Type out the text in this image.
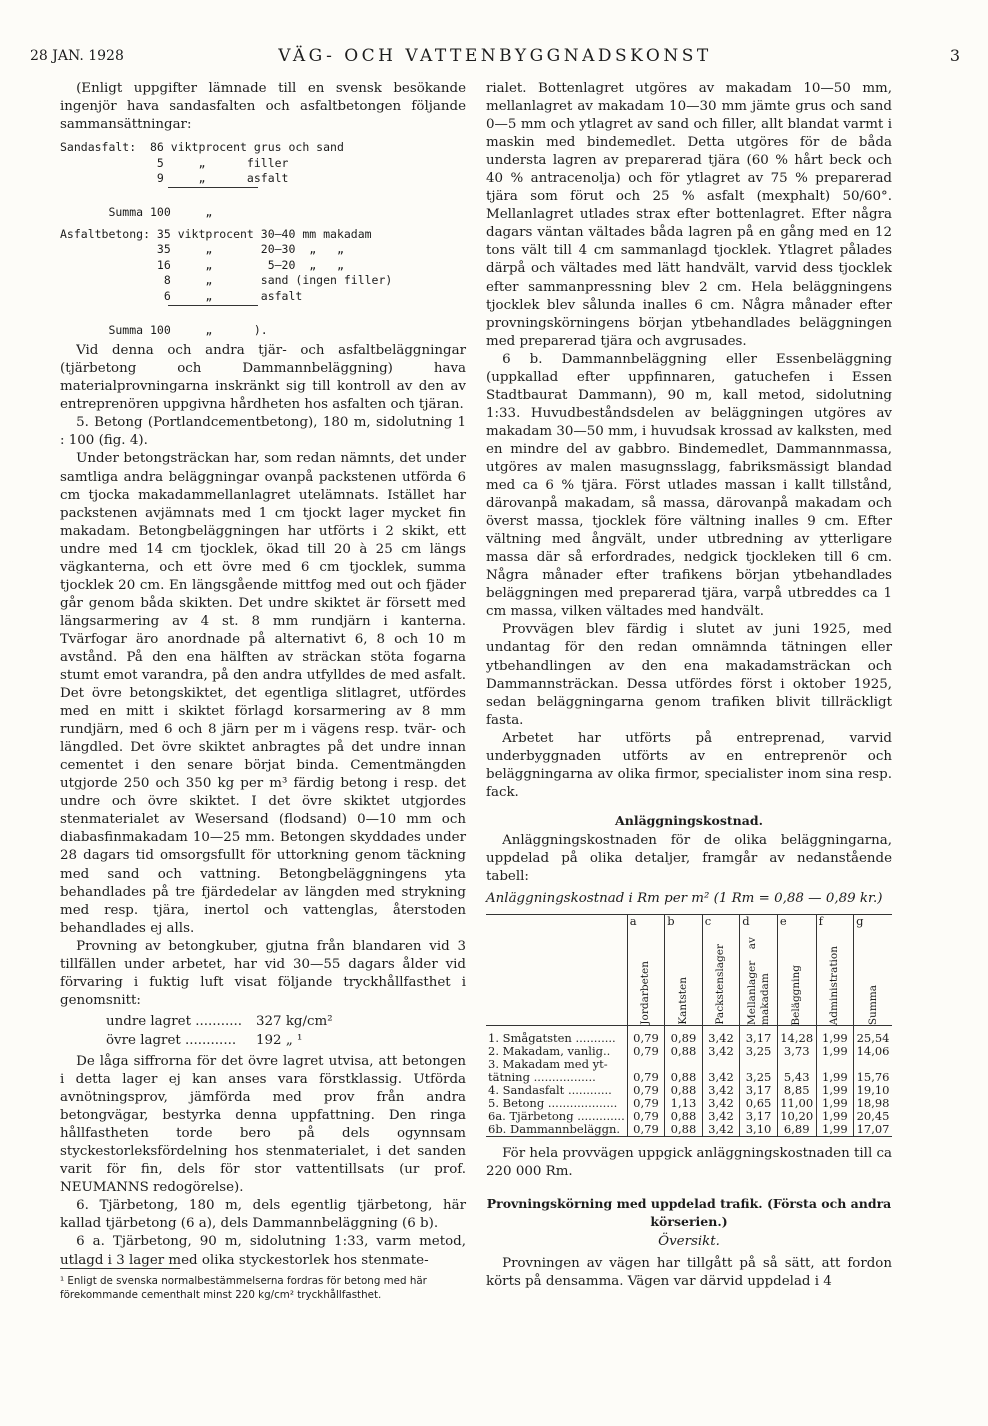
28 JAN. 1928	VÄG- OCH VATTENBYGGNADSKONST	3

(Enligt uppgifter lämnade till en svensk besökande ingenjör hava sandasfalten och asfaltbetongen följande sammansättningar:

Sandasfalt:  86 viktprocent grus och sand
5     „      filler
9     „      asfalt
Summa 100     „
Asfaltbetong: 35 viktprocent 30—40 mm makadam
35     „       20—30  „   „
16     „        5—20  „   „
8     „       sand (ingen filler)
6     „       asfalt
Summa 100     „      ).

Vid denna och andra tjär- och asfaltbeläggningar (tjärbetong och Dammannbeläggning) hava materialprovningarna inskränkt sig till kontroll av den av entreprenören uppgivna hårdheten hos asfalten och tjäran.

5. Betong (Portlandcementbetong), 180 m, sidolutning 1 : 100 (fig. 4).

Under betongsträckan har, som redan nämnts, det under samtliga andra beläggningar ovanpå packstenen utförda 6 cm tjocka makadammellanlagret utelämnats. Istället har packstenen avjämnats med 1 cm tjockt lager mycket fin makadam. Betongbeläggningen har utförts i 2 skikt, ett undre med 14 cm tjocklek, ökad till 20 à 25 cm längs vägkanterna, och ett övre med 6 cm tjocklek, summa tjocklek 20 cm. En längsgående mittfog med out och fjäder går genom båda skikten. Det undre skiktet är försett med längsarmering av 4 st. 8 mm rundjärn i kanterna. Tvärfogar äro anordnade på alternativt 6, 8 och 10 m avstånd. På den ena hälften av sträckan stöta fogarna stumt emot varandra, på den andra utfylldes de med asfalt. Det övre betongskiktet, det egentliga slitlagret, utfördes med en mitt i skiktet förlagd korsarmering av 8 mm rundjärn, med 6 och 8 järn per m i vägens resp. tvär- och längdled. Det övre skiktet anbragtes på det undre innan cementet i den senare börjat binda. Cementmängden utgjorde 250 och 350 kg per m³ färdig betong i resp. det undre och övre skiktet. I det övre skiktet utgjordes stenmaterialet av Wesersand (flodsand) 0—10 mm och diabasfinmakadam 10—25 mm. Betongen skyddades under 28 dagars tid omsorgsfullt för uttorkning genom täckning med sand och vattning. Betongbeläggningens yta behandlades på tre fjärdedelar av längden med strykning med resp. tjära, inertol och vattenglas, återstoden behandlades ej alls.

Provning av betongkuber, gjutna från blandaren vid 3 tillfällen under arbetet, har vid 30—55 dagars ålder vid förvaring i fuktig luft visat följande tryckhållfasthet i genomsnitt:

undre lagret ...........	327 kg/cm²
övre lagret ............	192 „ ¹

De låga siffrorna för det övre lagret utvisa, att betongen i detta lager ej kan anses vara förstklassig. Utförda avnötningsprov, jämförda med prov från andra betongvägar, bestyrka denna uppfattning. Den ringa hållfastheten torde bero på dels ogynnsam styckestorleksfördelning hos stenmaterialet, i det sanden varit för fin, dels för stor vattentillsats (ur prof. NEUMANNS redogörelse).

6. Tjärbetong, 180 m, dels egentlig tjärbetong, här kallad tjärbetong (6 a), dels Dammannbeläggning (6 b).

6 a. Tjärbetong, 90 m, sidolutning 1:33, varm metod, utlagd i 3 lager med olika styckestorlek hos stenmate-

¹ Enligt de svenska normalbestämmelserna fordras för betong med här förekommande cementhalt minst 220 kg/cm² tryckhållfasthet.

rialet. Bottenlagret utgöres av makadam 10—50 mm, mellanlagret av makadam 10—30 mm jämte grus och sand 0—5 mm och ytlagret av sand och filler, allt blandat varmt i maskin med bindemedlet. Detta utgöres för de båda understa lagren av preparerad tjära (60 % hårt beck och 40 % antracenolja) och för ytlagret av 75 % preparerad tjära som förut och 25 % asfalt (mexphalt) 50/60°. Mellanlagret utlades strax efter bottenlagret. Efter några dagars väntan vältades båda lagren på en gång med en 12 tons vält till 4 cm sammanlagd tjocklek. Ytlagret pålades därpå och vältades med lätt handvält, varvid dess tjocklek efter sammanpressning blev 2 cm. Hela beläggningens tjocklek blev sålunda inalles 6 cm. Några månader efter provningskörningens början ytbehandlades beläggningen med preparerad tjära och avgrusades.

6 b. Dammannbeläggning eller Essenbeläggning (uppkallad efter uppfinnaren, gatuchefen i Essen Stadtbaurat Dammann), 90 m, kall metod, sidolutning 1:33. Huvudbeståndsdelen av beläggningen utgöres av makadam 30—50 mm, i huvudsak krossad av kalksten, med en mindre del av gabbro. Bindemedlet, Dammannmassa, utgöres av malen masugnsslagg, fabriksmässigt blandad med ca 6 % tjära. Först utlades massan i kallt tillstånd, därovanpå makadam, så massa, därovanpå makadam och överst massa, tjocklek före vältning inalles 9 cm. Efter vältning med ångvält, under utbredning av ytterligare massa där så erfordrades, nedgick tjockleken till 6 cm. Några månader efter trafikens början ytbehandlades beläggningen med preparerad tjära, varpå utbreddes ca 1 cm massa, vilken vältades med handvält.

Provvägen blev färdig i slutet av juni 1925, med undantag för den redan omnämnda tätningen eller ytbehandlingen av den ena makadamsträckan och Dammannsträckan. Dessa utfördes först i oktober 1925, sedan beläggningarna genom trafiken blivit tillräckligt fasta.

Arbetet har utförts på entreprenad, varvid underbyggnaden utförts av en entreprenör och beläggningarna av olika firmor, specialister inom sina resp. fack.

Anläggningskostnad.

Anläggningskostnaden för de olika beläggningarna, uppdelad på olika detaljer, framgår av nedanstående tabell:

Anläggningskostnad i Rm per m² (1 Rm = 0,88 — 0,89 kr.)

	a	b	c	d	e	f	g

	Jordarbeten	Kantsten	Packstenslager	Mellanlager av makadam	Beläggning	Administration	Summa

1. Smågatsten ...........	0,79	0,89	3,42	3,17	14,28	1,99	25,54
2. Makadam, vanlig..	0,79	0,88	3,42	3,25	3,73	1,99	14,06
3. Makadam med yt-							
tätning .................	0,79	0,88	3,42	3,25	5,43	1,99	15,76
4. Sandasfalt ............	0,79	0,88	3,42	3,17	8,85	1,99	19,10
5. Betong ...................	0,79	1,13	3,42	0,65	11,00	1,99	18,98
6a. Tjärbetong .............	0,79	0,88	3,42	3,17	10,20	1,99	20,45
6b. Dammannbeläggn.	0,79	0,88	3,42	3,10	6,89	1,99	17,07

För hela provvägen uppgick anläggningskostnaden till ca 220 000 Rm.

Provningskörning med uppdelad trafik. (Första och andra körserien.)

Översikt.

Provningen av vägen har tillgått på så sätt, att fordon körts på densamma. Vägen var därvid uppdelad i 4
